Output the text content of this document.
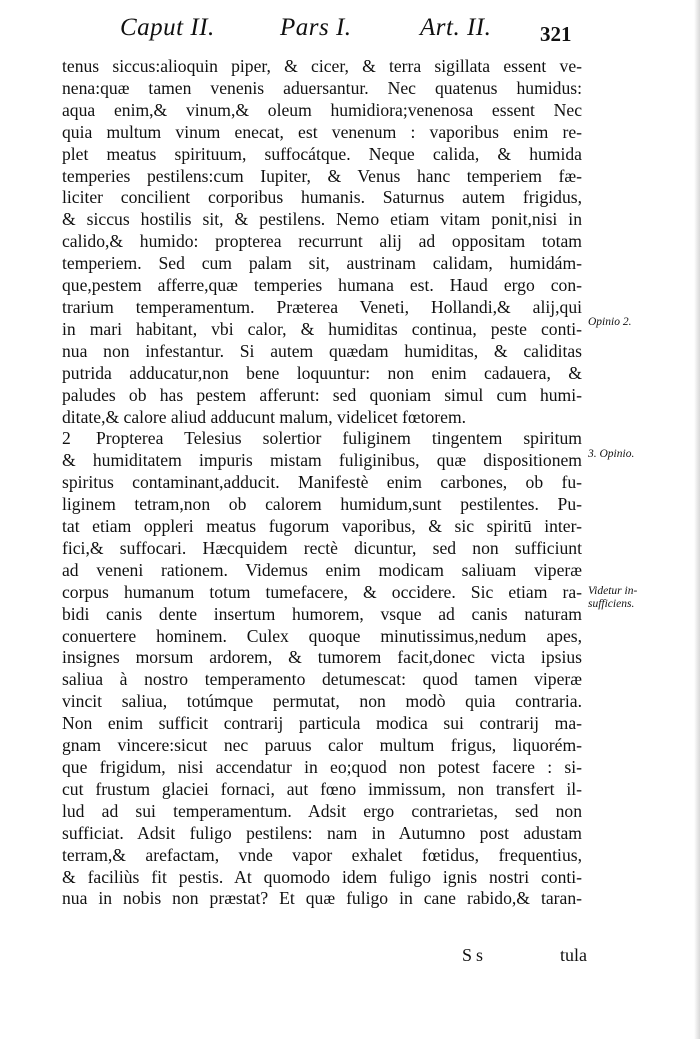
Caput II.	Pars I.	Art. II. 321
tenus siccus:alioquin piper, & cicer, & terra sigillata essent ve-
nena:quæ tamen venenis aduersantur. Nec quatenus humidus:
aqua enim,& vinum,& oleum humidiora;venenosa essent Nec
quia multum vinum enecat, est venenum : vaporibus enim re-
plet meatus spirituum, suffocátque. Neque calida, & humida
temperies pestilens:cum Iupiter, & Venus hanc temperiem fæ-
liciter concilient corporibus humanis. Saturnus autem frigidus,
& siccus hostilis sit, & pestilens. Nemo etiam vitam ponit,nisi in
calido,& humido: propterea recurrunt alij ad oppositam totam
temperiem. Sed cum palam sit, austrinam calidam, humidám-
que,pestem afferre,quæ temperies humana est. Haud ergo con-
trarium temperamentum. Præterea Veneti, Hollandi,& alij,qui
in mari habitant, vbi calor, & humiditas continua, peste conti-
nua non infestantur. Si autem quædam humiditas, & caliditas
putrida adducatur,non bene loquuntur: non enim cadauera, &
paludes ob has pestem afferunt: sed quoniam simul cum humi-
ditate,& calore aliud adducunt malum, videlicet fœtorem.
2 Propterea Telesius solertior fuliginem tingentem spiritum
& humiditatem impuris mistam fuliginibus, quæ dispositionem
spiritus contaminant,adducit. Manifestè enim carbones, ob fu-
liginem tetram,non ob calorem humidum,sunt pestilentes. Pu-
tat etiam oppleri meatus fugorum vaporibus, & sic spiritū inter-
fici,& suffocari. Hæcquidem rectè dicuntur, sed non sufficiunt
ad veneni rationem. Videmus enim modicam saliuam viperæ
corpus humanum totum tumefacere, & occidere. Sic etiam ra-
bidi canis dente insertum humorem, vsque ad canis naturam
conuertere hominem. Culex quoque minutissimus,nedum apes,
insignes morsum ardorem, & tumorem facit,donec victa ipsius
saliua à nostro temperamento detumescat: quod tamen viperæ
vincit saliua, totúmque permutat, non modò quia contraria.
Non enim sufficit contrarij particula modica sui contrarij ma-
gnam vincere:sicut nec paruus calor multum frigus, liquorém-
que frigidum, nisi accendatur in eo;quod non potest facere : si-
cut frustum glaciei fornaci, aut fœno immissum, non transfert il-
lud ad sui temperamentum. Adsit ergo contrarietas, sed non
sufficiat. Adsit fuligo pestilens: nam in Autumno post adustam
terram,& arefactam, vnde vapor exhalet fœtidus, frequentius,
& faciliùs fit pestis. At quomodo idem fuligo ignis nostri conti-
nua in nobis non præstat? Et quæ fuligo in cane rabido,& taran-
Opinio 2.
3. Opinio.
Videtur in-
sufficiens.
Ss	tula
